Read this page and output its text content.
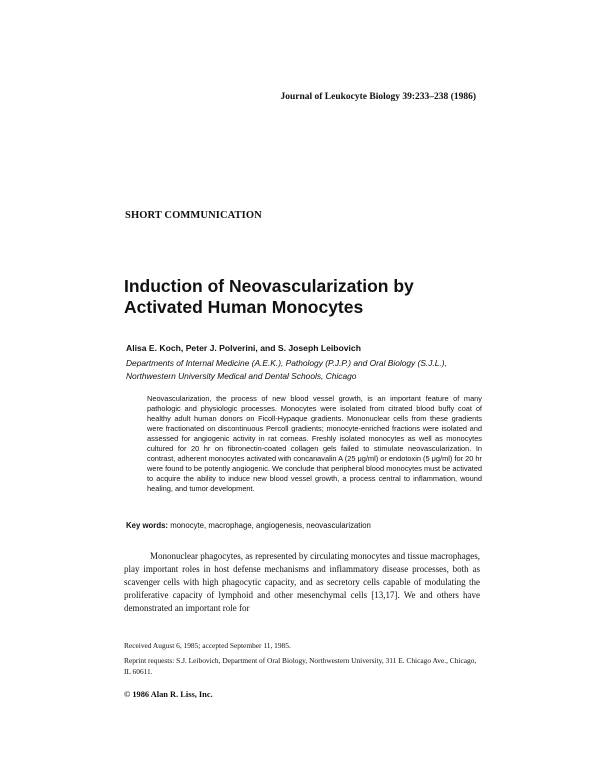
Journal of Leukocyte Biology 39:233–238 (1986)
SHORT COMMUNICATION
Induction of Neovascularization by
Activated Human Monocytes
Alisa E. Koch, Peter J. Polverini, and S. Joseph Leibovich
Departments of Internal Medicine (A.E.K.), Pathology (P.J.P.) and Oral Biology (S.J.L.), Northwestern University Medical and Dental Schools, Chicago

Neovascularization, the process of new blood vessel growth, is an important feature of many pathologic and physiologic processes. Monocytes were isolated from citrated blood buffy coat of healthy adult human donors on Ficoll-Hypaque gradients. Mononuclear cells from these gradients were fractionated on discontinuous Percoll gradients; monocyte-enriched fractions were isolated and assessed for angiogenic activity in rat corneas. Freshly isolated monocytes as well as monocytes cultured for 20 hr on fibronectin-coated collagen gels failed to stimulate neovascularization. In contrast, adherent monocytes activated with concanavalin A (25 μg/ml) or endotoxin (5 μg/ml) for 20 hr were found to be potently angiogenic. We conclude that peripheral blood monocytes must be activated to acquire the ability to induce new blood vessel growth, a process central to inflammation, wound healing, and tumor development.

Key words: monocyte, macrophage, angiogenesis, neovascularization

Mononuclear phagocytes, as represented by circulating monocytes and tissue macrophages, play important roles in host defense mechanisms and inflammatory disease processes, both as scavenger cells with high phagocytic capacity, and as secretory cells capable of modulating the proliferative capacity of lymphoid and other mesenchymal cells [13,17]. We and others have demonstrated an important role for

Received August 6, 1985; accepted September 11, 1985.

Reprint requests: S.J. Leibovich, Department of Oral Biology, Northwestern University, 311 E. Chicago Ave., Chicago, IL 60611.

© 1986 Alan R. Liss, Inc.
